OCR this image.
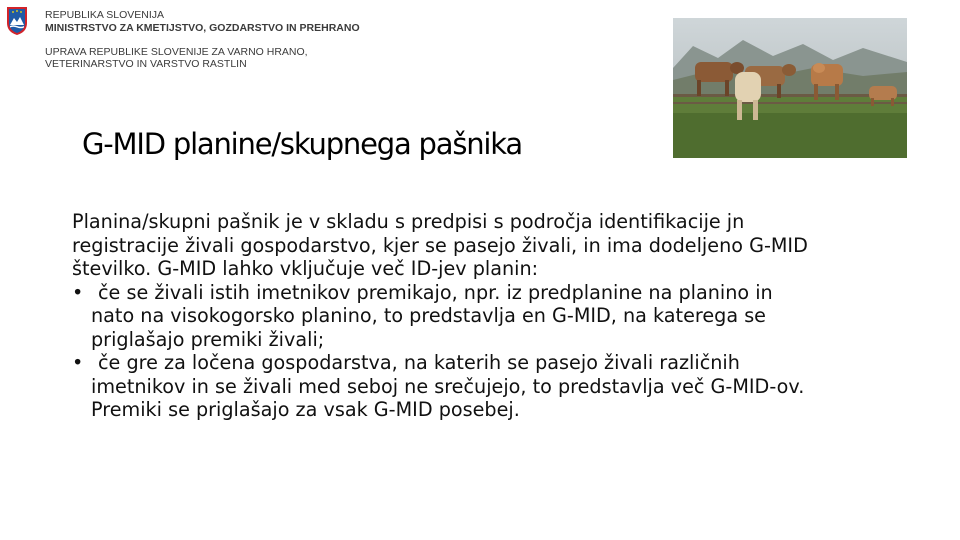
REPUBLIKA SLOVENIJA
MINISTRSTVO ZA KMETIJSTVO, GOZDARSTVO IN PREHRANO
UPRAVA REPUBLIKE SLOVENIJE ZA VARNO HRANO,
VETERINARSTVO IN VARSTVO RASTLIN
G-MID planine/skupnega pašnika

Planina/skupni pašnik je v skladu s predpisi s področja identifikacije jn

registracije živali gospodarstvo, kjer se pasejo živali, in ima dodeljeno G-MID

številko. G-MID lahko vključuje več ID-jev planin:

• če se živali istih imetnikov premikajo, npr. iz predplanine na planino in

nato na visokogorsko planino, to predstavlja en G-MID, na katerega se

priglašajo premiki živali;

• če gre za ločena gospodarstva, na katerih se pasejo živali različnih

imetnikov in se živali med seboj ne srečujejo, to predstavlja več G-MID-ov.

Premiki se priglašajo za vsak G-MID posebej.
